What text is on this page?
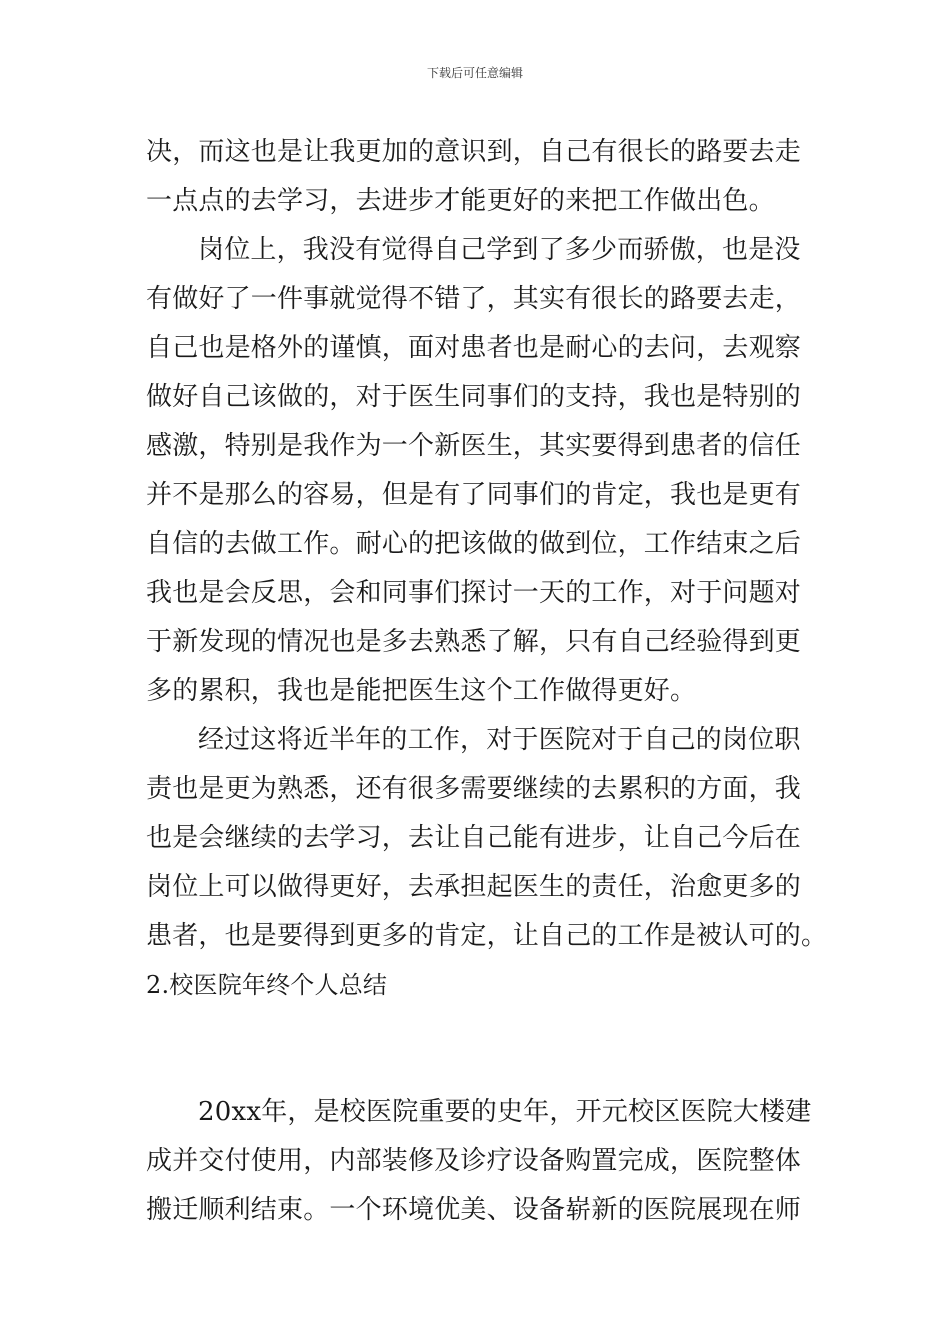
下载后可任意编辑
决，而这也是让我更加的意识到，自己有很长的路要去走
一点点的去学习，去进步才能更好的来把工作做出色。
岗位上，我没有觉得自己学到了多少而骄傲，也是没
有做好了一件事就觉得不错了，其实有很长的路要去走，
自己也是格外的谨慎，面对患者也是耐心的去问，去观察
做好自己该做的，对于医生同事们的支持，我也是特别的
感激，特别是我作为一个新医生，其实要得到患者的信任
并不是那么的容易，但是有了同事们的肯定，我也是更有
自信的去做工作。耐心的把该做的做到位，工作结束之后
我也是会反思，会和同事们探讨一天的工作，对于问题对
于新发现的情况也是多去熟悉了解，只有自己经验得到更
多的累积，我也是能把医生这个工作做得更好。
经过这将近半年的工作，对于医院对于自己的岗位职
责也是更为熟悉，还有很多需要继续的去累积的方面，我
也是会继续的去学习，去让自己能有进步，让自己今后在
岗位上可以做得更好，去承担起医生的责任，治愈更多的
患者，也是要得到更多的肯定，让自己的工作是被认可的。
2.校医院年终个人总结
20xx年，是校医院重要的史年，开元校区医院大楼建
成并交付使用，内部装修及诊疗设备购置完成，医院整体
搬迁顺利结束。一个环境优美、设备崭新的医院展现在师
